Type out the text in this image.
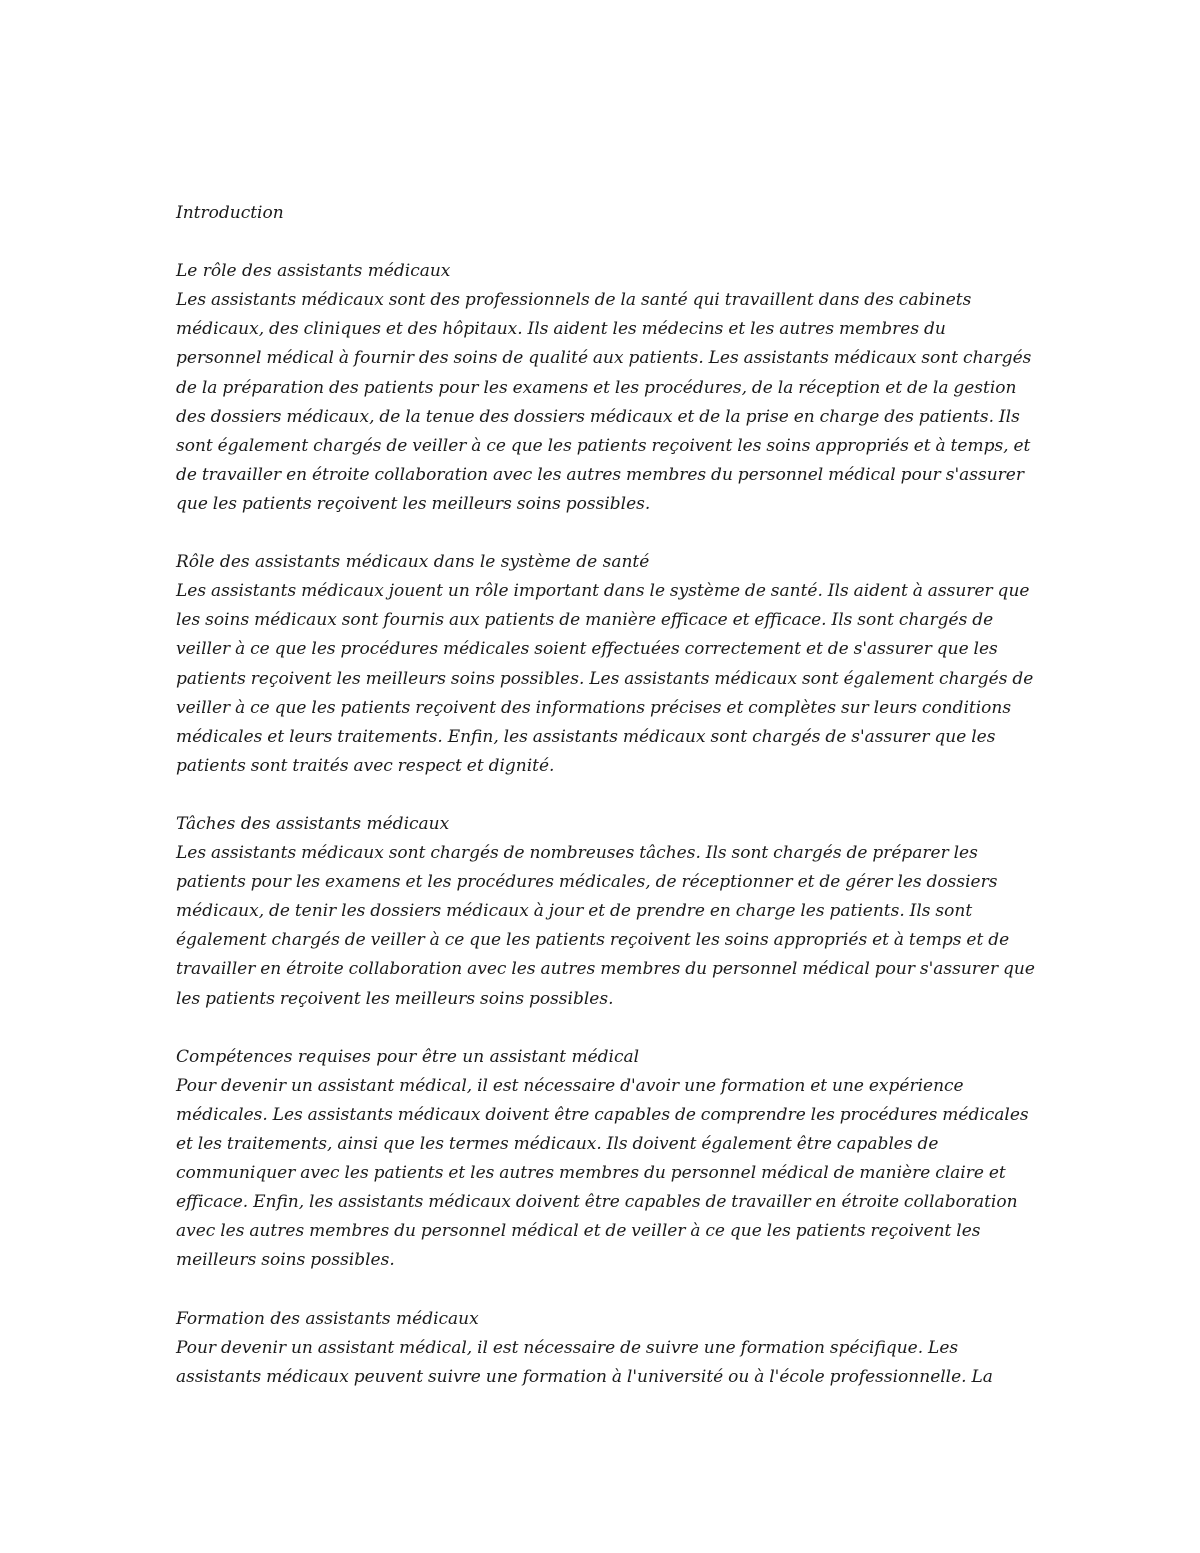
Introduction

Le rôle des assistants médicaux

Les assistants médicaux sont des professionnels de la santé qui travaillent dans des cabinets médicaux, des cliniques et des hôpitaux. Ils aident les médecins et les autres membres du personnel médical à fournir des soins de qualité aux patients. Les assistants médicaux sont chargés de la préparation des patients pour les examens et les procédures, de la réception et de la gestion des dossiers médicaux, de la tenue des dossiers médicaux et de la prise en charge des patients. Ils sont également chargés de veiller à ce que les patients reçoivent les soins appropriés et à temps, et de travailler en étroite collaboration avec les autres membres du personnel médical pour s'assurer que les patients reçoivent les meilleurs soins possibles.

Rôle des assistants médicaux dans le système de santé

Les assistants médicaux jouent un rôle important dans le système de santé. Ils aident à assurer que les soins médicaux sont fournis aux patients de manière efficace et efficace. Ils sont chargés de veiller à ce que les procédures médicales soient effectuées correctement et de s'assurer que les patients reçoivent les meilleurs soins possibles. Les assistants médicaux sont également chargés de veiller à ce que les patients reçoivent des informations précises et complètes sur leurs conditions médicales et leurs traitements. Enfin, les assistants médicaux sont chargés de s'assurer que les patients sont traités avec respect et dignité.

Tâches des assistants médicaux

Les assistants médicaux sont chargés de nombreuses tâches. Ils sont chargés de préparer les patients pour les examens et les procédures médicales, de réceptionner et de gérer les dossiers médicaux, de tenir les dossiers médicaux à jour et de prendre en charge les patients. Ils sont également chargés de veiller à ce que les patients reçoivent les soins appropriés et à temps et de travailler en étroite collaboration avec les autres membres du personnel médical pour s'assurer que les patients reçoivent les meilleurs soins possibles.

Compétences requises pour être un assistant médical

Pour devenir un assistant médical, il est nécessaire d'avoir une formation et une expérience médicales. Les assistants médicaux doivent être capables de comprendre les procédures médicales et les traitements, ainsi que les termes médicaux. Ils doivent également être capables de communiquer avec les patients et les autres membres du personnel médical de manière claire et efficace. Enfin, les assistants médicaux doivent être capables de travailler en étroite collaboration avec les autres membres du personnel médical et de veiller à ce que les patients reçoivent les meilleurs soins possibles.

Formation des assistants médicaux

Pour devenir un assistant médical, il est nécessaire de suivre une formation spécifique. Les assistants médicaux peuvent suivre une formation à l'université ou à l'école professionnelle. La
